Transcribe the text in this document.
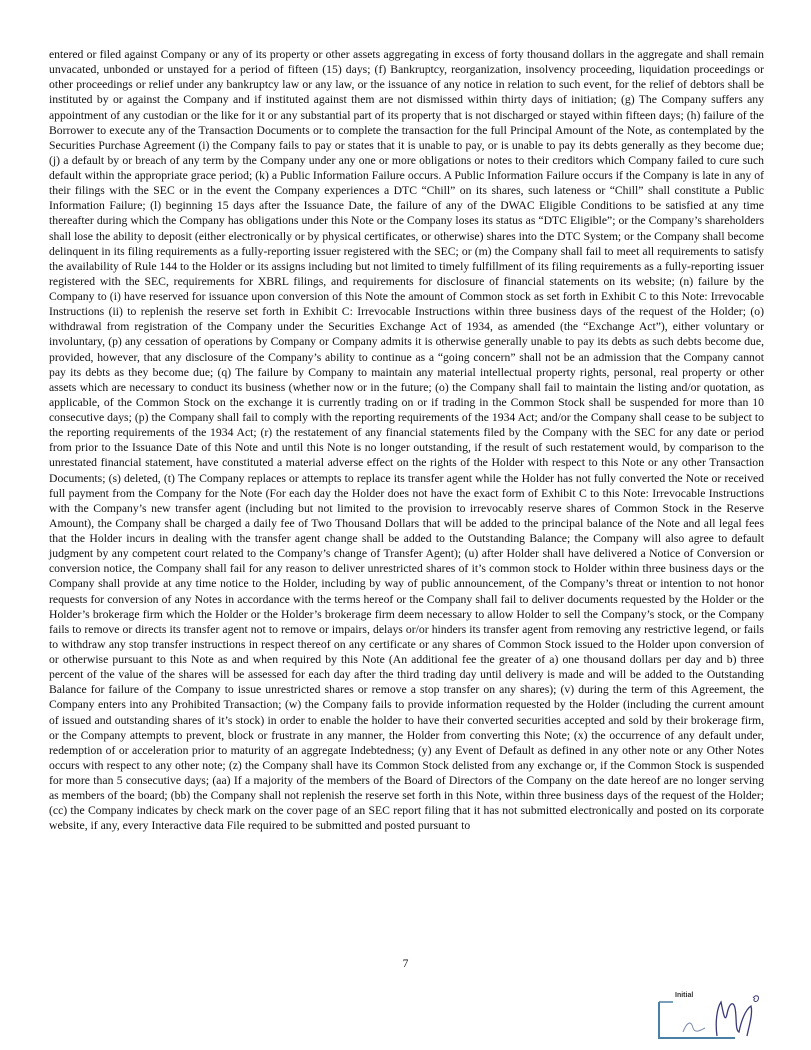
entered or filed against Company or any of its property or other assets aggregating in excess of forty thousand dollars in the aggregate and shall remain unvacated, unbonded or unstayed for a period of fifteen (15) days; (f) Bankruptcy, reorganization, insolvency proceeding, liquidation proceedings or other proceedings or relief under any bankruptcy law or any law, or the issuance of any notice in relation to such event, for the relief of debtors shall be instituted by or against the Company and if instituted against them are not dismissed within thirty days of initiation; (g) The Company suffers any appointment of any custodian or the like for it or any substantial part of its property that is not discharged or stayed within fifteen days; (h) failure of the Borrower to execute any of the Transaction Documents or to complete the transaction for the full Principal Amount of the Note, as contemplated by the Securities Purchase Agreement (i) the Company fails to pay or states that it is unable to pay, or is unable to pay its debts generally as they become due; (j) a default by or breach of any term by the Company under any one or more obligations or notes to their creditors which Company failed to cure such default within the appropriate grace period; (k) a Public Information Failure occurs. A Public Information Failure occurs if the Company is late in any of their filings with the SEC or in the event the Company experiences a DTC “Chill” on its shares, such lateness or “Chill” shall constitute a Public Information Failure; (l) beginning 15 days after the Issuance Date, the failure of any of the DWAC Eligible Conditions to be satisfied at any time thereafter during which the Company has obligations under this Note or the Company loses its status as “DTC Eligible”; or the Company’s shareholders shall lose the ability to deposit (either electronically or by physical certificates, or otherwise) shares into the DTC System; or the Company shall become delinquent in its filing requirements as a fully-reporting issuer registered with the SEC; or (m) the Company shall fail to meet all requirements to satisfy the availability of Rule 144 to the Holder or its assigns including but not limited to timely fulfillment of its filing requirements as a fully-reporting issuer registered with the SEC, requirements for XBRL filings, and requirements for disclosure of financial statements on its website; (n) failure by the Company to (i) have reserved for issuance upon conversion of this Note the amount of Common stock as set forth in Exhibit C to this Note: Irrevocable Instructions (ii) to replenish the reserve set forth in Exhibit C: Irrevocable Instructions within three business days of the request of the Holder; (o) withdrawal from registration of the Company under the Securities Exchange Act of 1934, as amended (the “Exchange Act”), either voluntary or involuntary, (p) any cessation of operations by Company or Company admits it is otherwise generally unable to pay its debts as such debts become due, provided, however, that any disclosure of the Company’s ability to continue as a “going concern” shall not be an admission that the Company cannot pay its debts as they become due; (q) The failure by Company to maintain any material intellectual property rights, personal, real property or other assets which are necessary to conduct its business (whether now or in the future; (o) the Company shall fail to maintain the listing and/or quotation, as applicable, of the Common Stock on the exchange it is currently trading on or if trading in the Common Stock shall be suspended for more than 10 consecutive days; (p) the Company shall fail to comply with the reporting requirements of the 1934 Act; and/or the Company shall cease to be subject to the reporting requirements of the 1934 Act; (r) the restatement of any financial statements filed by the Company with the SEC for any date or period from prior to the Issuance Date of this Note and until this Note is no longer outstanding, if the result of such restatement would, by comparison to the unrestated financial statement, have constituted a material adverse effect on the rights of the Holder with respect to this Note or any other Transaction Documents; (s) deleted, (t) The Company replaces or attempts to replace its transfer agent while the Holder has not fully converted the Note or received full payment from the Company for the Note (For each day the Holder does not have the exact form of Exhibit C to this Note: Irrevocable Instructions with the Company’s new transfer agent (including but not limited to the provision to irrevocably reserve shares of Common Stock in the Reserve Amount), the Company shall be charged a daily fee of Two Thousand Dollars that will be added to the principal balance of the Note and all legal fees that the Holder incurs in dealing with the transfer agent change shall be added to the Outstanding Balance; the Company will also agree to default judgment by any competent court related to the Company’s change of Transfer Agent); (u) after Holder shall have delivered a Notice of Conversion or conversion notice, the Company shall fail for any reason to deliver unrestricted shares of it’s common stock to Holder within three business days or the Company shall provide at any time notice to the Holder, including by way of public announcement, of the Company’s threat or intention to not honor requests for conversion of any Notes in accordance with the terms hereof or the Company shall fail to deliver documents requested by the Holder or the Holder’s brokerage firm which the Holder or the Holder’s brokerage firm deem necessary to allow Holder to sell the Company’s stock, or the Company fails to remove or directs its transfer agent not to remove or impairs, delays or/or hinders its transfer agent from removing any restrictive legend, or fails to withdraw any stop transfer instructions in respect thereof on any certificate or any shares of Common Stock issued to the Holder upon conversion of or otherwise pursuant to this Note as and when required by this Note (An additional fee the greater of a) one thousand dollars per day and b) three percent of the value of the shares will be assessed for each day after the third trading day until delivery is made and will be added to the Outstanding Balance for failure of the Company to issue unrestricted shares or remove a stop transfer on any shares); (v) during the term of this Agreement, the Company enters into any Prohibited Transaction; (w) the Company fails to provide information requested by the Holder (including the current amount of issued and outstanding shares of it’s stock) in order to enable the holder to have their converted securities accepted and sold by their brokerage firm, or the Company attempts to prevent, block or frustrate in any manner, the Holder from converting this Note; (x) the occurrence of any default under, redemption of or acceleration prior to maturity of an aggregate Indebtedness; (y) any Event of Default as defined in any other note or any Other Notes occurs with respect to any other note; (z) the Company shall have its Common Stock delisted from any exchange or, if the Common Stock is suspended for more than 5 consecutive days; (aa) If a majority of the members of the Board of Directors of the Company on the date hereof are no longer serving as members of the board; (bb) the Company shall not replenish the reserve set forth in this Note, within three business days of the request of the Holder; (cc) the Company indicates by check mark on the cover page of an SEC report filing that it has not submitted electronically and posted on its corporate website, if any, every Interactive data File required to be submitted and posted pursuant to

7
Initial
